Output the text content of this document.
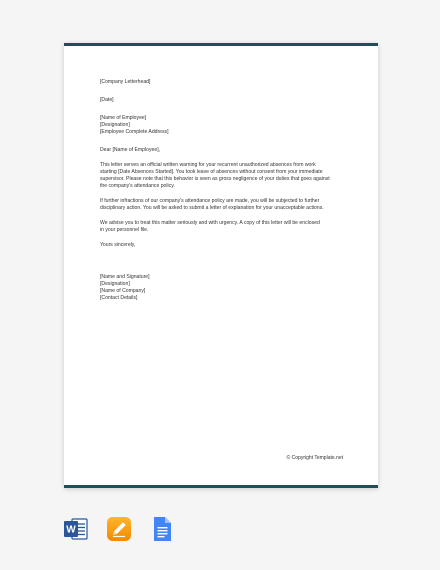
[Company Letterhead]
[Date]
[Name of Employee]
[Designation]
[Employee Complete Address]
Dear [Name of Employee],

This letter serves an official written warning for your recurrent unauthorized absences from work
starting [Date Absences Started]. You took leave of absences without consent from your immediate
supervisor. Please note that this behavior is seen as gross negligence of your duties that goes against
the company's attendance policy.

If further infractions of our company's attendance policy are made, you will be subjected to further
disciplinary action. You will be asked to submit a letter of explanation for your unacceptable actions.

We advise you to treat this matter seriously and with urgency. A copy of this letter will be enclosed
in your personnel file.

Yours sincerely,
[Name and Signature]
[Designation]
[Name of Company]
[Contact Details]
© Copyright Template.net
W
